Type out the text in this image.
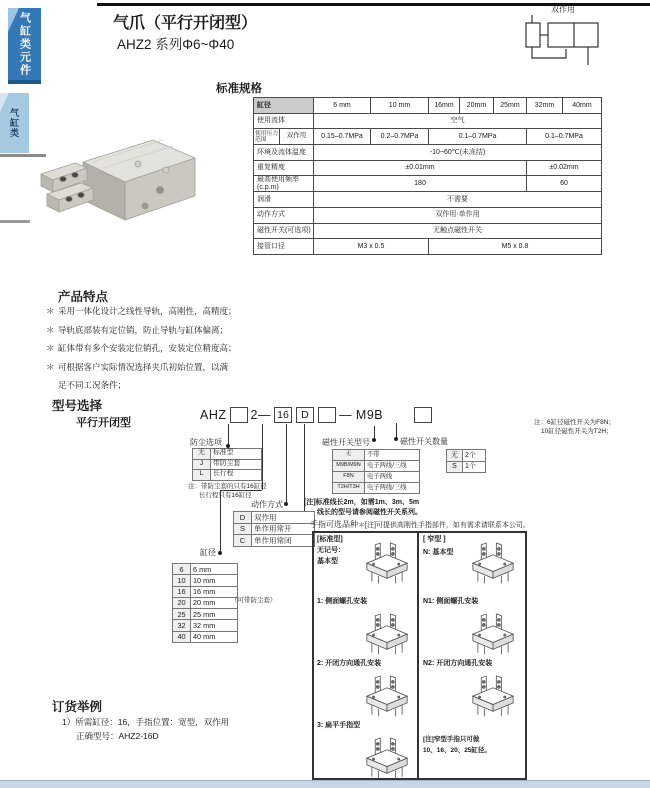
气缸类元件
气缸类
气爪（平行开闭型）
AHZ2 系列Φ6~Φ40
双作用
标准规格
缸径		6 mm	10 mm	16mm	20mm	25mm	32mm	40mm
使用流体		空气						
使用压力范围	双作用	0.15–0.7MPa	0.2–0.7MPa	0.1–0.7MPa			0.1–0.7MPa	
环境及流体温度		-10~60℃(未冻结)						
重复精度		±0.01mm					±0.02mm	
最高使用频率(c.p.m)		180					60	
润滑		不需要						
动作方式		双作用·单作用						
磁性开关(可选项)		无触点磁性开关						
接管口径		M3 x 0.5		M5 x 0.8				
产品特点
＊ 采用一体化设计之线性导轨，高刚性，高精度；
＊ 导轨底部装有定位销，防止导轨与缸体偏离；
＊ 缸体带有多个安装定位销孔，安装定位精度高；
＊ 可根据客户实际情况选择夹爪初始位置，以满
足不同工况条件；
型号选择
平行开闭型
AHZ 2— 16	D	— M9B
防尘选项
动作方式
缸径
磁性开关型号	磁性开关数量
无	标准型
J	带防尘套
L	长行程
注：带防尘套的只有16缸径
长行程只有16缸径
D	双作用
S	单作用常开
C	单作用常闭
6	6 mm
10	10 mm
16	16 mm
20	20 mm
25	25 mm
32	32 mm
40	40 mm
（可带防尘套）
无	不带
M9B/M9N	电子两线/三线
F8N	电子两线
T2H/T3H	电子两线/三线
无	2个
S	1个
注：6缸径磁性开关为F8N；
10缸径磁性开关为T2H；
[注]标准线长2m，如需1m、3m、5m
线长的型号请参阅磁性开关系列。
手指可选品种＊[注]可提供高刚性手指部件，如有需求请联系本公司。
[标准型]
无记号：
基本型
1: 侧面螺孔安装
2: 开闭方向通孔安装
3: 扁平手指型
[ 窄型 ]
N: 基本型
N1: 侧面螺孔安装
N2: 开闭方向通孔安装
[注]窄型手指只可做
10、16、20、25缸径。
订货举例
1）所需缸径：16，手指位置：宽型，双作用
正确型号：AHZ2-16D
